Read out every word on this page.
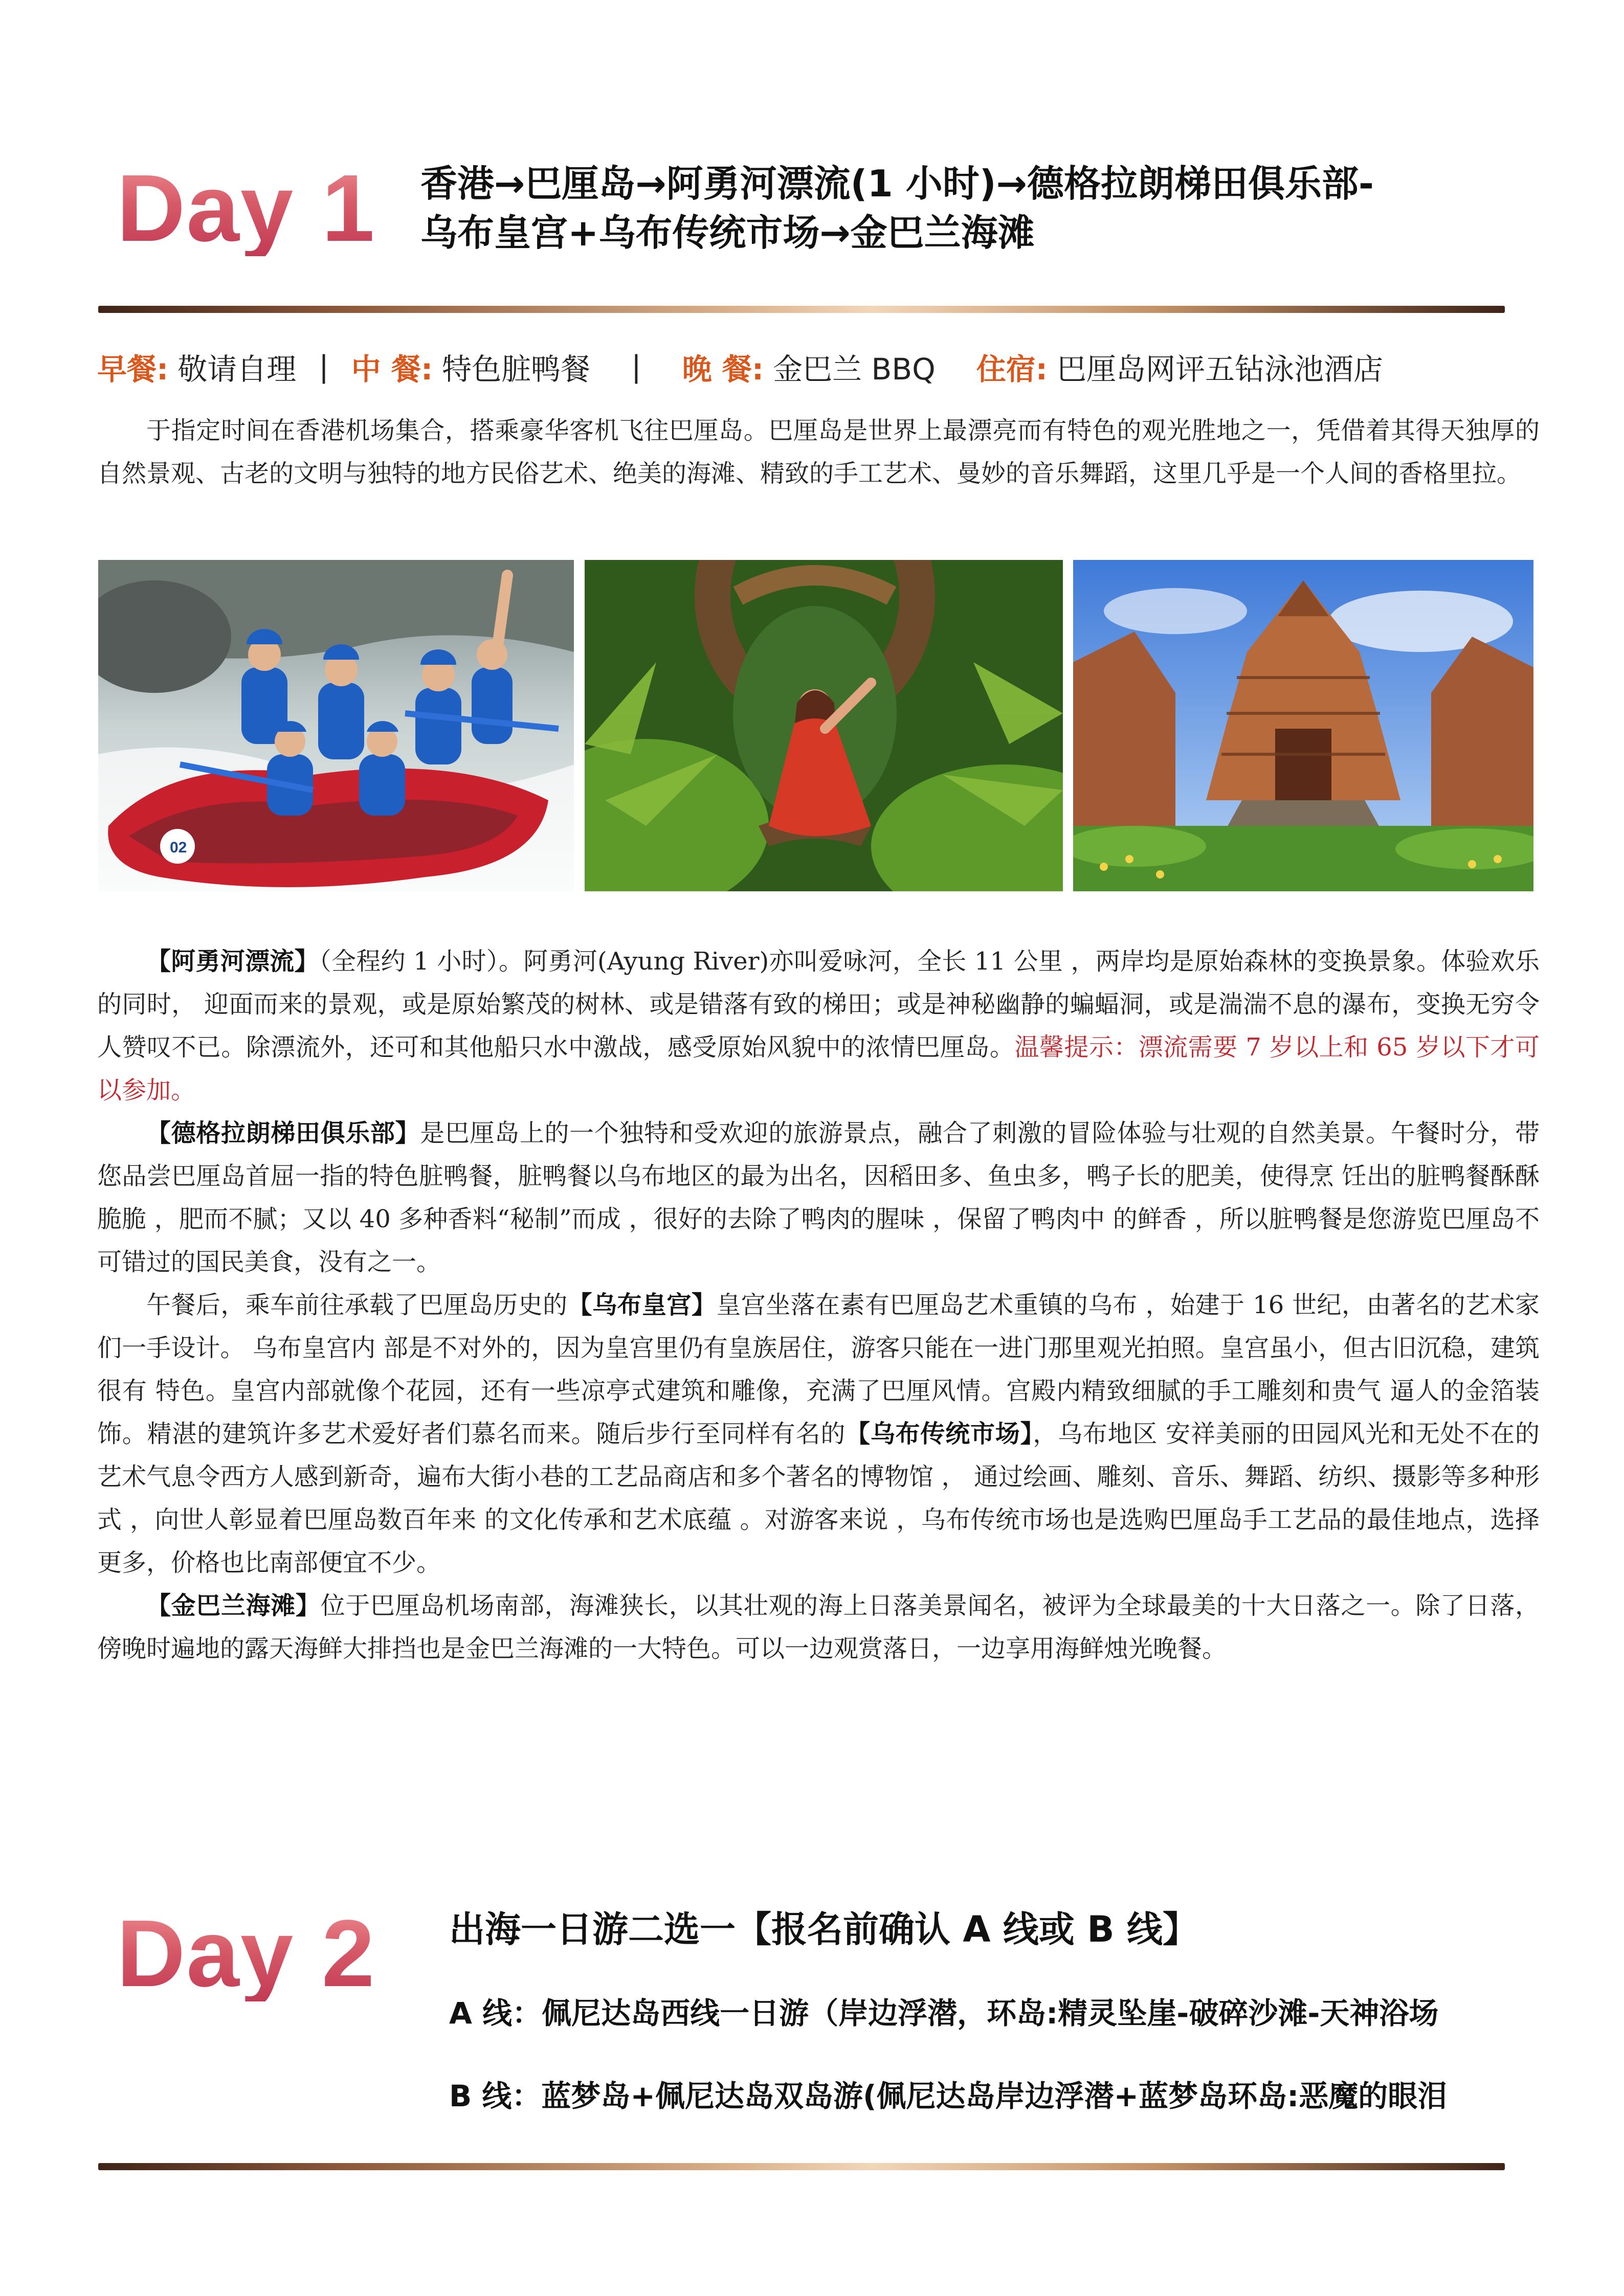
Day 1 香港→巴厘岛→阿勇河漂流(1 小时)→德格拉朗梯田俱乐部-
乌布皇宫+乌布传统市场→金巴兰海滩
早餐: 敬请自理 | 中 餐: 特色脏鸭餐 | 晚 餐: 金巴兰 BBQ 住宿: 巴厘岛网评五钻泳池酒店

于指定时间在香港机场集合，搭乘豪华客机飞往巴厘岛。巴厘岛是世界上最漂亮而有特色的观光胜地之一，凭借着其得天独厚的自然景观、古老的文明与独特的地方民俗艺术、绝美的海滩、精致的手工艺术、曼妙的音乐舞蹈，这里几乎是一个人间的香格里拉。

02

【阿勇河漂流】（全程约 1 小时）。阿勇河(Ayung River)亦叫爱咏河，全长 11 公里 ，两岸均是原始森林的变换景象。体验欢乐的同时， 迎面而来的景观，或是原始繁茂的树林、或是错落有致的梯田；或是神秘幽静的蝙蝠洞，或是湍湍不息的瀑布，变换无穷令人赞叹不已。除漂流外，还可和其他船只水中激战，感受原始风貌中的浓情巴厘岛。温馨提示：漂流需要 7 岁以上和 65 岁以下才可以参加。

【德格拉朗梯田俱乐部】是巴厘岛上的一个独特和受欢迎的旅游景点，融合了刺激的冒险体验与壮观的自然美景。午餐时分，带您品尝巴厘岛首屈一指的特色脏鸭餐，脏鸭餐以乌布地区的最为出名，因稻田多、鱼虫多，鸭子长的肥美，使得烹 饪出的脏鸭餐酥酥脆脆 ，肥而不腻；又以 40 多种香料“秘制”而成 ，很好的去除了鸭肉的腥味 ，保留了鸭肉中 的鲜香 ，所以脏鸭餐是您游览巴厘岛不可错过的国民美食，没有之一。

午餐后，乘车前往承载了巴厘岛历史的【乌布皇宫】皇宫坐落在素有巴厘岛艺术重镇的乌布 ，始建于 16 世纪，由著名的艺术家们一手设计。 乌布皇宫内 部是不对外的，因为皇宫里仍有皇族居住，游客只能在一进门那里观光拍照。皇宫虽小，但古旧沉稳，建筑很有 特色。皇宫内部就像个花园，还有一些凉亭式建筑和雕像，充满了巴厘风情。宫殿内精致细腻的手工雕刻和贵气 逼人的金箔装饰。精湛的建筑许多艺术爱好者们慕名而来。随后步行至同样有名的【乌布传统市场】，乌布地区 安祥美丽的田园风光和无处不在的艺术气息令西方人感到新奇，遍布大街小巷的工艺品商店和多个著名的博物馆 ， 通过绘画、雕刻、音乐、舞蹈、纺织、摄影等多种形式 ，向世人彰显着巴厘岛数百年来 的文化传承和艺术底蕴 。对游客来说 ，乌布传统市场也是选购巴厘岛手工艺品的最佳地点，选择更多，价格也比南部便宜不少。

【金巴兰海滩】位于巴厘岛机场南部，海滩狭长，以其壮观的海上日落美景闻名，被评为全球最美的十大日落之一。除了日落，傍晚时遍地的露天海鲜大排挡也是金巴兰海滩的一大特色。可以一边观赏落日，一边享用海鲜烛光晚餐。

Day 2 出海一日游二选一【报名前确认 A 线或 B 线】
A 线：佩尼达岛西线一日游（岸边浮潜，环岛:精灵坠崖-破碎沙滩-天神浴场
B 线：蓝梦岛+佩尼达岛双岛游(佩尼达岛岸边浮潜+蓝梦岛环岛:恶魔的眼泪
